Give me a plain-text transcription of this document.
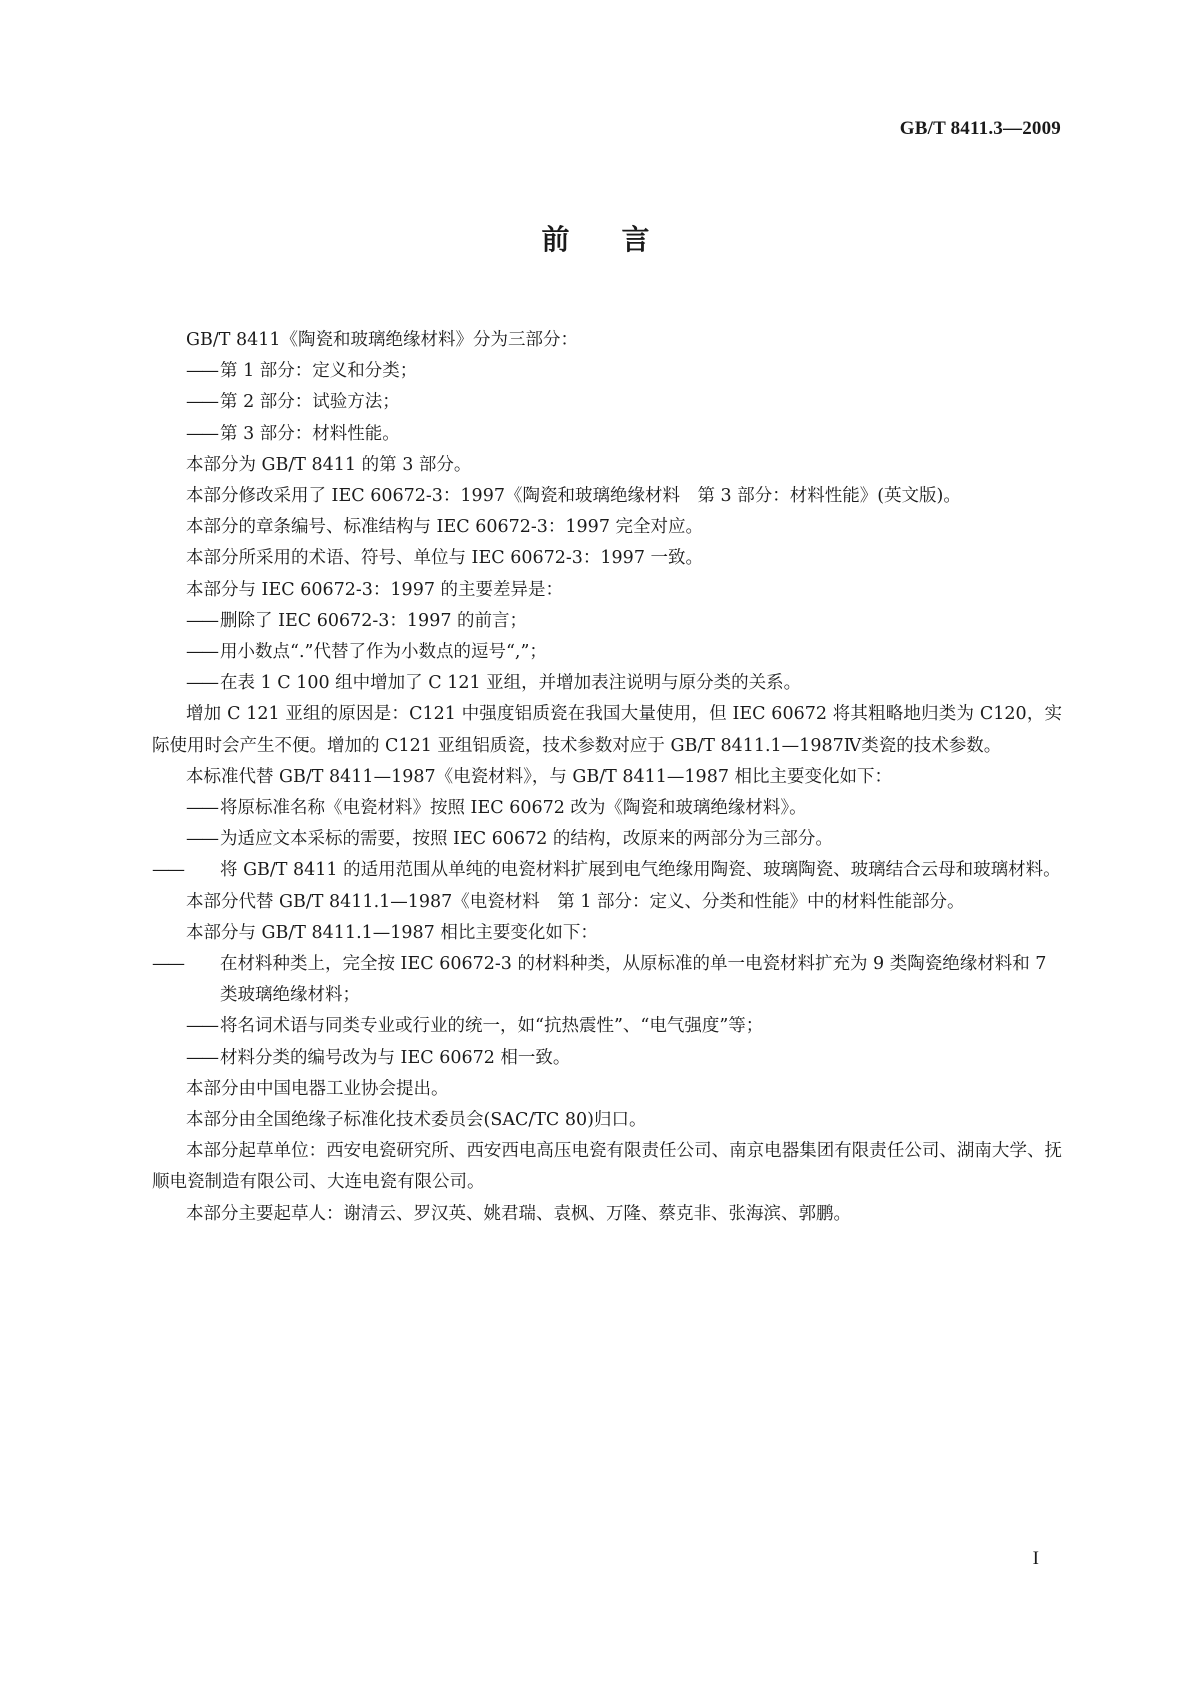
GB/T 8411.3—2009
前言

GB/T 8411《陶瓷和玻璃绝缘材料》分为三部分：

—— 第 1 部分：定义和分类；

—— 第 2 部分：试验方法；

—— 第 3 部分：材料性能。

本部分为 GB/T 8411 的第 3 部分。

本部分修改采用了 IEC 60672-3：1997《陶瓷和玻璃绝缘材料　第 3 部分：材料性能》(英文版)。

本部分的章条编号、标准结构与 IEC 60672-3：1997 完全对应。

本部分所采用的术语、符号、单位与 IEC 60672-3：1997 一致。

本部分与 IEC 60672-3：1997 的主要差异是：

—— 删除了 IEC 60672-3：1997 的前言；

—— 用小数点“.”代替了作为小数点的逗号“,”；

—— 在表 1 C 100 组中增加了 C 121 亚组，并增加表注说明与原分类的关系。

增加 C 121 亚组的原因是：C121 中强度铝质瓷在我国大量使用，但 IEC 60672 将其粗略地归类为 C120，实际使用时会产生不便。增加的 C121 亚组铝质瓷，技术参数对应于 GB/T 8411.1—1987Ⅳ类瓷的技术参数。

本标准代替 GB/T 8411—1987《电瓷材料》，与 GB/T 8411—1987 相比主要变化如下：

—— 将原标准名称《电瓷材料》按照 IEC 60672 改为《陶瓷和玻璃绝缘材料》。

—— 为适应文本采标的需要，按照 IEC 60672 的结构，改原来的两部分为三部分。

—— 将 GB/T 8411 的适用范围从单纯的电瓷材料扩展到电气绝缘用陶瓷、玻璃陶瓷、玻璃结合云母和玻璃材料。

本部分代替 GB/T 8411.1—1987《电瓷材料　第 1 部分：定义、分类和性能》中的材料性能部分。

本部分与 GB/T 8411.1—1987 相比主要变化如下：

—— 在材料种类上，完全按 IEC 60672-3 的材料种类，从原标准的单一电瓷材料扩充为 9 类陶瓷绝缘材料和 7 类玻璃绝缘材料；

—— 将名词术语与同类专业或行业的统一，如“抗热震性”、“电气强度”等；

—— 材料分类的编号改为与 IEC 60672 相一致。

本部分由中国电器工业协会提出。

本部分由全国绝缘子标准化技术委员会(SAC/TC 80)归口。

本部分起草单位：西安电瓷研究所、西安西电高压电瓷有限责任公司、南京电器集团有限责任公司、湖南大学、抚顺电瓷制造有限公司、大连电瓷有限公司。

本部分主要起草人：谢清云、罗汉英、姚君瑞、袁枫、万隆、蔡克非、张海滨、郭鹏。

I
